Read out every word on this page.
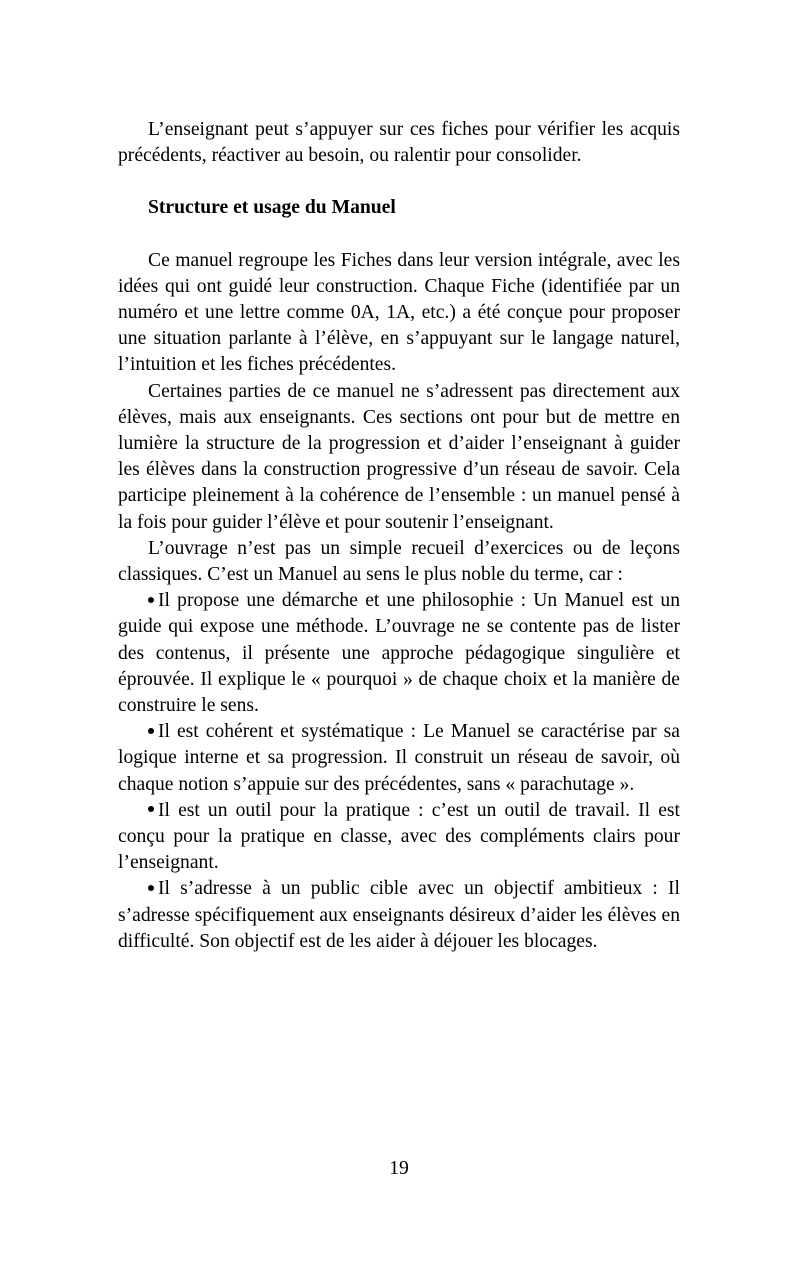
L’enseignant peut s’appuyer sur ces fiches pour vérifier les acquis précédents, réactiver au besoin, ou ralentir pour consolider.

Structure et usage du Manuel

Ce manuel regroupe les Fiches dans leur version intégrale, avec les idées qui ont guidé leur construction. Chaque Fiche (identifiée par un numéro et une lettre comme 0A, 1A, etc.) a été conçue pour proposer une situation parlante à l’élève, en s’appuyant sur le langage naturel, l’intuition et les fiches précédentes.

Certaines parties de ce manuel ne s’adressent pas directement aux élèves, mais aux enseignants. Ces sections ont pour but de mettre en lumière la structure de la progression et d’aider l’enseignant à guider les élèves dans la construction progressive d’un réseau de savoir. Cela participe pleinement à la cohérence de l’ensemble : un manuel pensé à la fois pour guider l’élève et pour soutenir l’enseignant.

L’ouvrage n’est pas un simple recueil d’exercices ou de leçons classiques. C’est un Manuel au sens le plus noble du terme, car :

Il propose une démarche et une philosophie : Un Manuel est un guide qui expose une méthode. L’ouvrage ne se contente pas de lister des contenus, il présente une approche pédagogique singulière et éprouvée. Il explique le « pourquoi » de chaque choix et la manière de construire le sens.

Il est cohérent et systématique : Le Manuel se caractérise par sa logique interne et sa progression. Il construit un réseau de savoir, où chaque notion s’appuie sur des précédentes, sans « parachutage ».

Il est un outil pour la pratique : c’est un outil de travail. Il est conçu pour la pratique en classe, avec des compléments clairs pour l’enseignant.

Il s’adresse à un public cible avec un objectif ambitieux : Il s’adresse spécifiquement aux enseignants désireux d’aider les élèves en difficulté. Son objectif est de les aider à déjouer les blocages.

19
